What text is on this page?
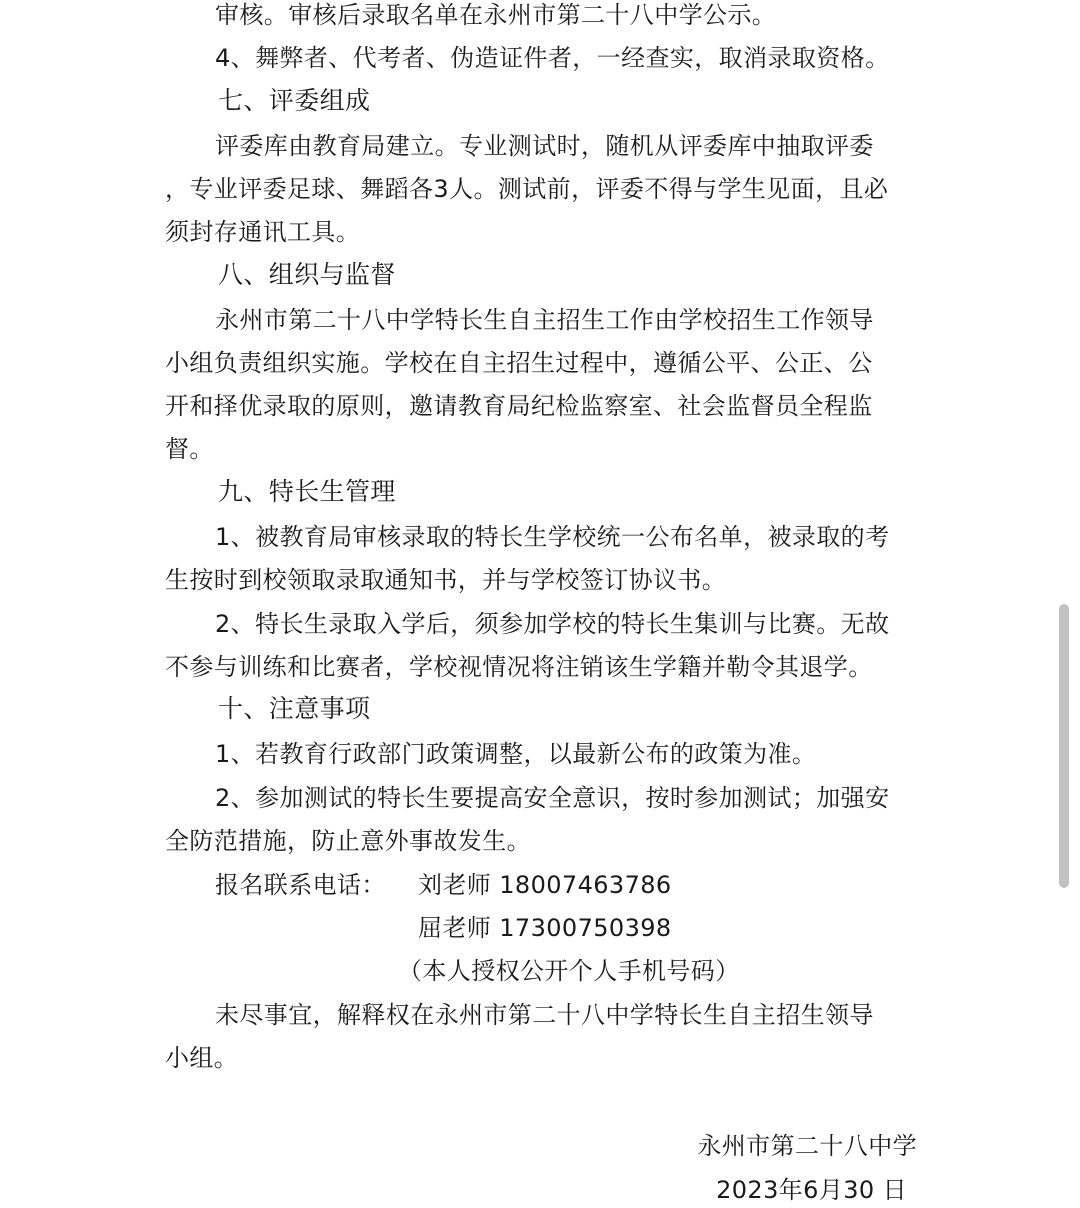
审核。审核后录取名单在永州市第二十八中学公示。
4、舞弊者、代考者、伪造证件者，一经查实，取消录取资格。
七、评委组成
评委库由教育局建立。专业测试时，随机从评委库中抽取评委
，专业评委足球、舞蹈各3人。测试前，评委不得与学生见面，且必
须封存通讯工具。
八、组织与监督
永州市第二十八中学特长生自主招生工作由学校招生工作领导
小组负责组织实施。学校在自主招生过程中，遵循公平、公正、公
开和择优录取的原则，邀请教育局纪检监察室、社会监督员全程监
督。
九、特长生管理
1、被教育局审核录取的特长生学校统一公布名单，被录取的考
生按时到校领取录取通知书，并与学校签订协议书。
2、特长生录取入学后，须参加学校的特长生集训与比赛。无故
不参与训练和比赛者，学校视情况将注销该生学籍并勒令其退学。
十、注意事项
1、若教育行政部门政策调整，以最新公布的政策为准。
2、参加测试的特长生要提高安全意识，按时参加测试；加强安
全防范措施，防止意外事故发生。
报名联系电话：	刘老师 18007463786
屈老师 17300750398
（本人授权公开个人手机号码）
未尽事宜，解释权在永州市第二十八中学特长生自主招生领导
小组。
永州市第二十八中学
2023年6月30 日
